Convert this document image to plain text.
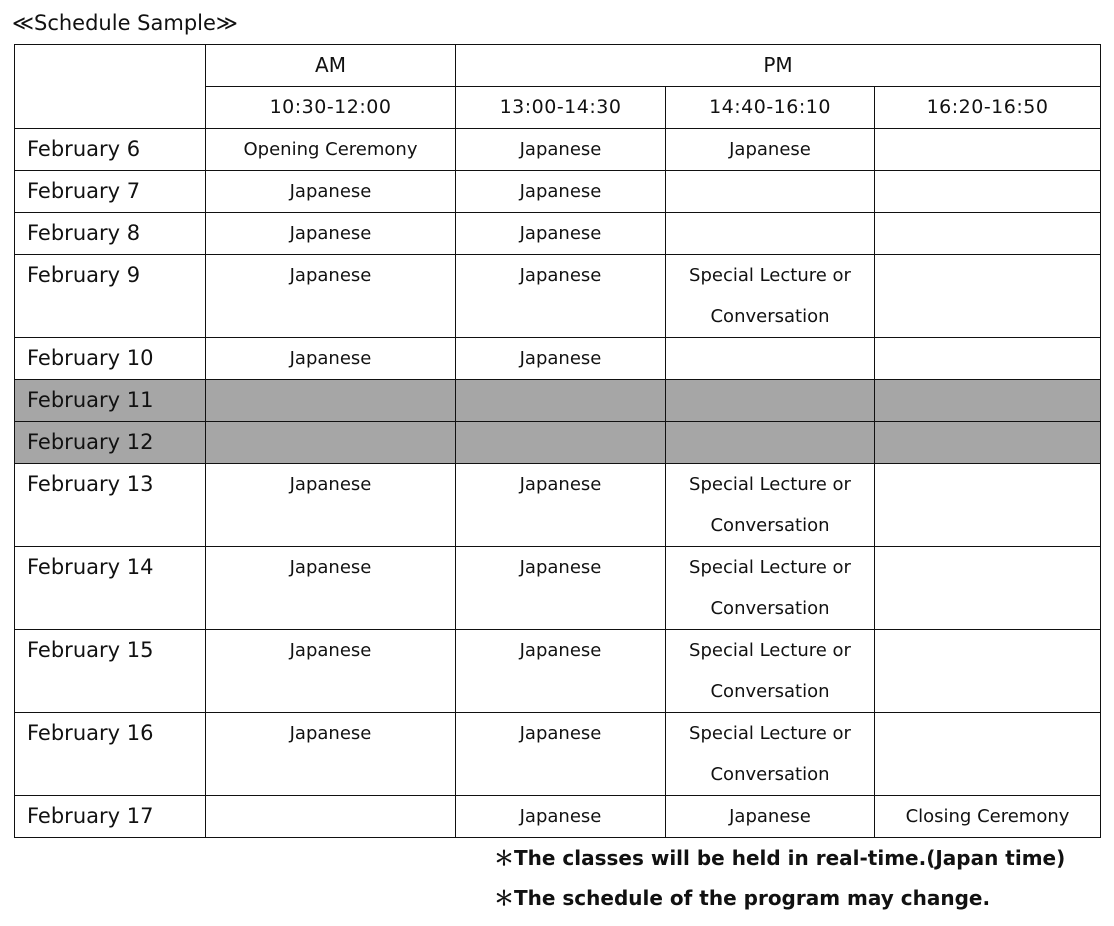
≪Schedule Sample≫
	AM	PM		
	10:30-12:00	13:00-14:30	14:40-16:10	16:20-16:50
February 6	Opening Ceremony	Japanese	Japanese	
February 7	Japanese	Japanese		
February 8	Japanese	Japanese		
February 9	Japanese	Japanese	Special Lecture or
Conversation	
February 10	Japanese	Japanese		
February 11				
February 12				
February 13	Japanese	Japanese	Special Lecture or
Conversation	
February 14	Japanese	Japanese	Special Lecture or
Conversation	
February 15	Japanese	Japanese	Special Lecture or
Conversation	
February 16	Japanese	Japanese	Special Lecture or
Conversation	
February 17		Japanese	Japanese	Closing Ceremony
＊The classes will be held in real-time.(Japan time)
＊The schedule of the program may change.
